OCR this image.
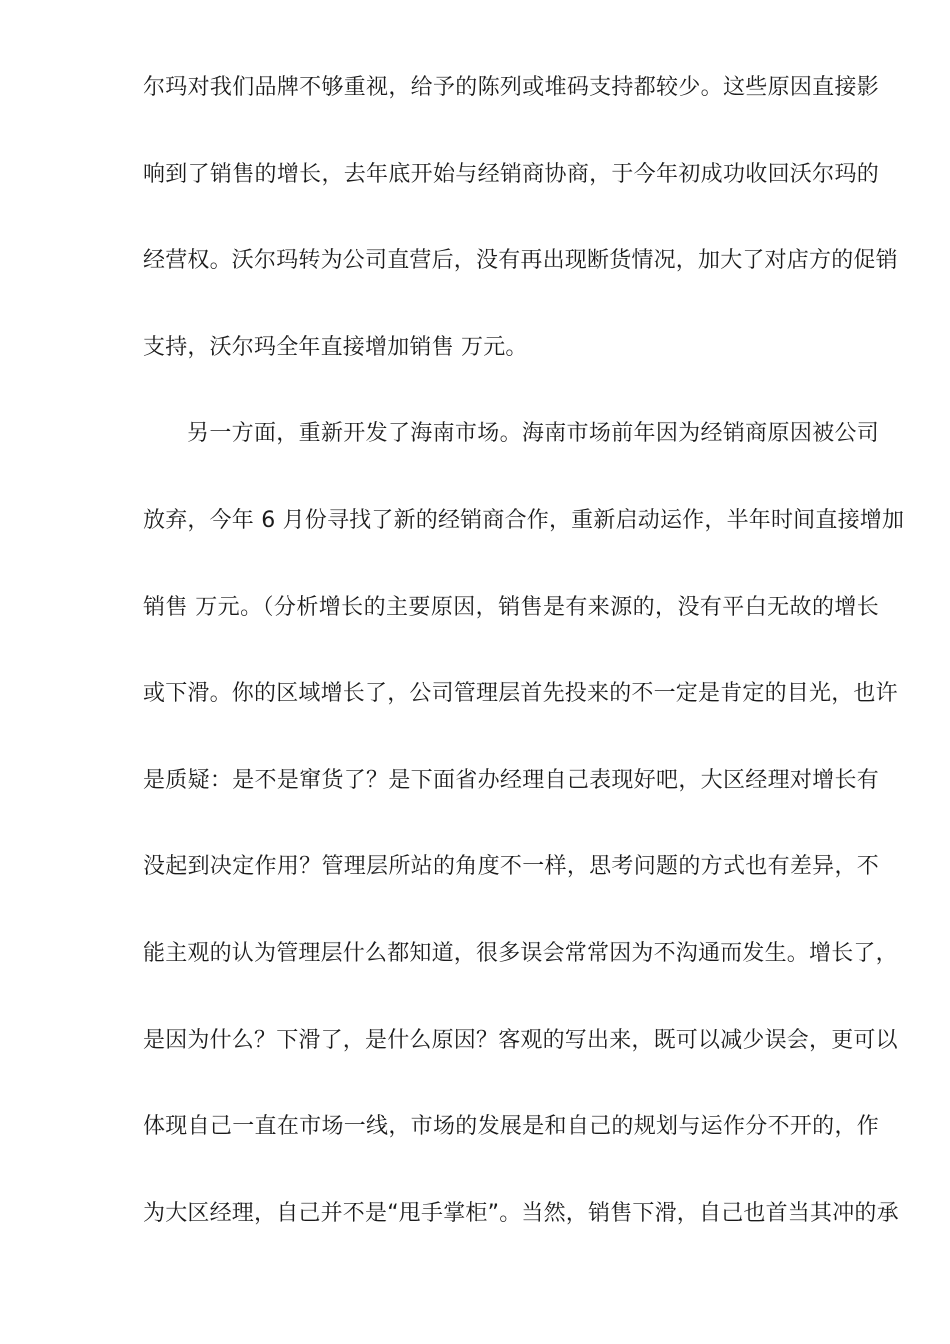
尔玛对我们品牌不够重视，给予的陈列或堆码支持都较少。这些原因直接影
响到了销售的增长，去年底开始与经销商协商，于今年初成功收回沃尔玛的
经营权。沃尔玛转为公司直营后，没有再出现断货情况，加大了对店方的促销
支持，沃尔玛全年直接增加销售 万元。
另一方面，重新开发了海南市场。海南市场前年因为经销商原因被公司
放弃，今年 6 月份寻找了新的经销商合作，重新启动运作，半年时间直接增加
销售 万元。（分析增长的主要原因，销售是有来源的，没有平白无故的增长
或下滑。你的区域增长了，公司管理层首先投来的不一定是肯定的目光，也许
是质疑：是不是窜货了？是下面省办经理自己表现好吧，大区经理对增长有
没起到决定作用？管理层所站的角度不一样，思考问题的方式也有差异，不
能主观的认为管理层什么都知道，很多误会常常因为不沟通而发生。增长了，
是因为什么？下滑了，是什么原因？客观的写出来，既可以减少误会，更可以
体现自己一直在市场一线，市场的发展是和自己的规划与运作分不开的，作
为大区经理，自己并不是“甩手掌柜”。当然，销售下滑，自己也首当其冲的承
